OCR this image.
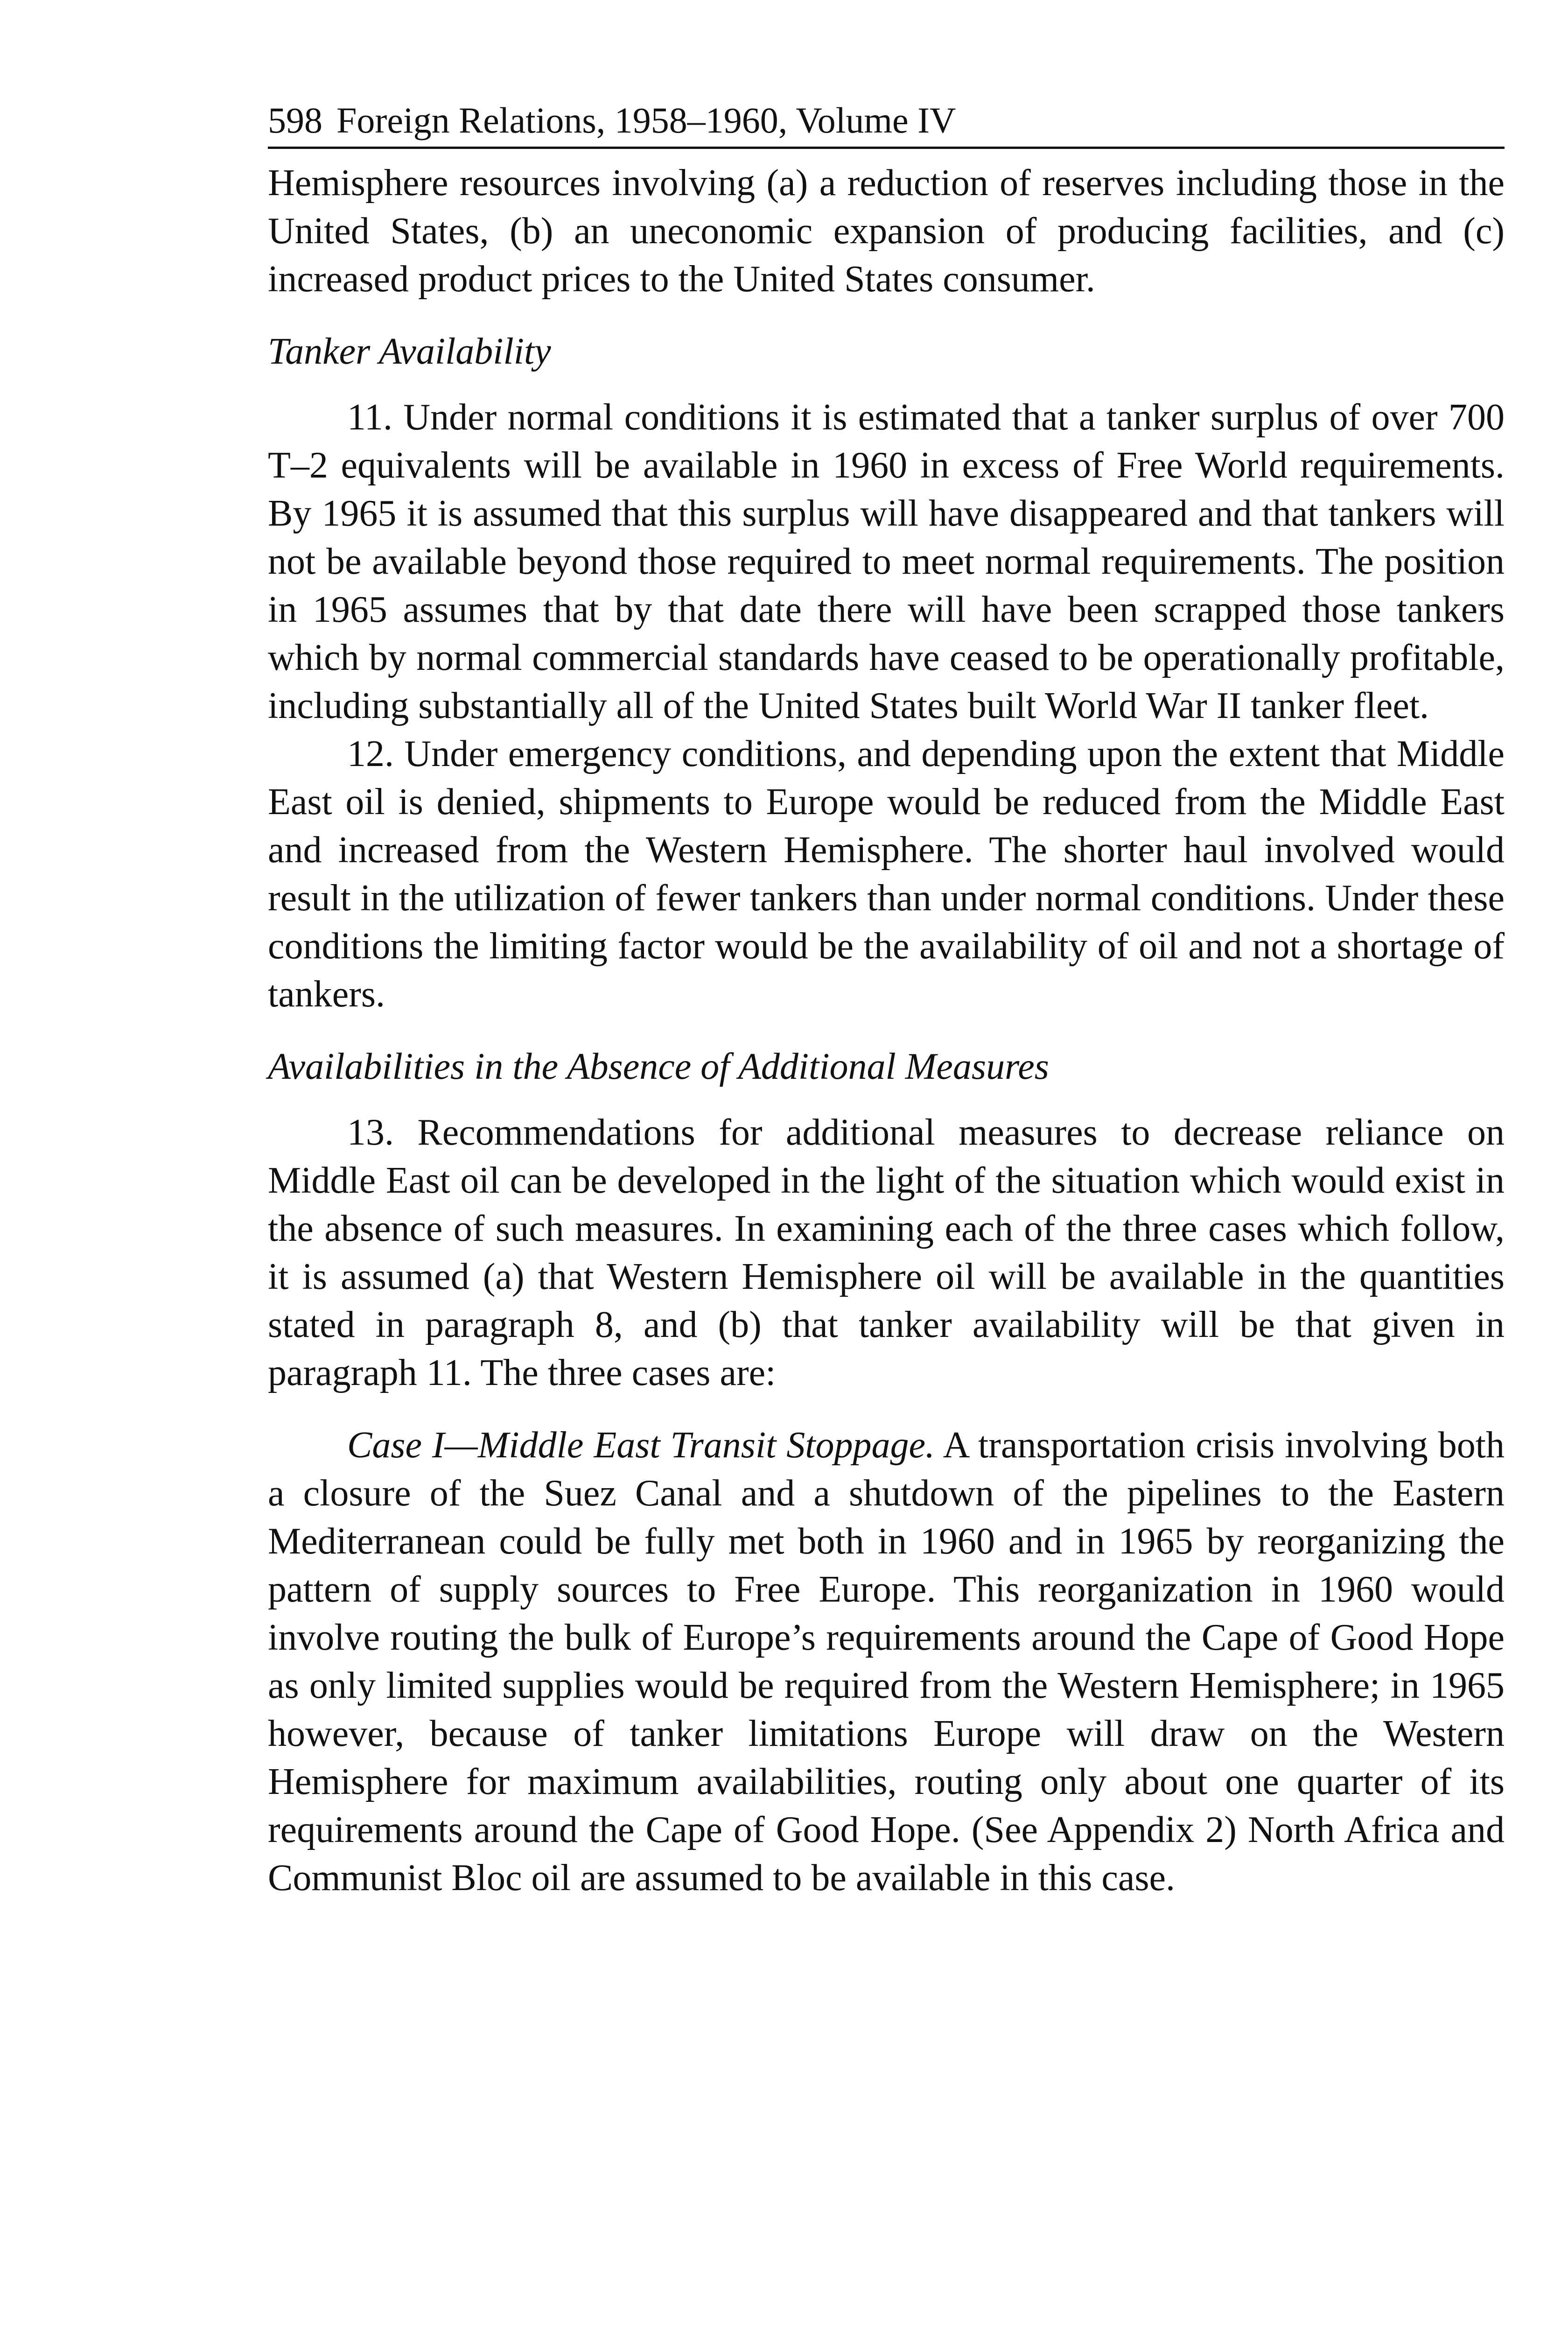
598 Foreign Relations, 1958–1960, Volume IV

Hemisphere resources involving (a) a reduction of reserves including those in the United States, (b) an uneconomic expansion of producing facilities, and (c) increased product prices to the United States consumer.

Tanker Availability

11. Under normal conditions it is estimated that a tanker surplus of over 700 T–2 equivalents will be available in 1960 in excess of Free World requirements. By 1965 it is assumed that this surplus will have disappeared and that tankers will not be available beyond those required to meet normal requirements. The position in 1965 assumes that by that date there will have been scrapped those tankers which by normal commercial standards have ceased to be operationally profitable, including substantially all of the United States built World War II tanker fleet.

12. Under emergency conditions, and depending upon the extent that Middle East oil is denied, shipments to Europe would be reduced from the Middle East and increased from the Western Hemisphere. The shorter haul involved would result in the utilization of fewer tankers than under normal conditions. Under these conditions the limiting factor would be the availability of oil and not a shortage of tankers.

Availabilities in the Absence of Additional Measures

13. Recommendations for additional measures to decrease reliance on Middle East oil can be developed in the light of the situation which would exist in the absence of such measures. In examining each of the three cases which follow, it is assumed (a) that Western Hemisphere oil will be available in the quantities stated in paragraph 8, and (b) that tanker availability will be that given in paragraph 11. The three cases are:

Case I—Middle East Transit Stoppage. A transportation crisis involving both a closure of the Suez Canal and a shutdown of the pipelines to the Eastern Mediterranean could be fully met both in 1960 and in 1965 by reorganizing the pattern of supply sources to Free Europe. This reorganization in 1960 would involve routing the bulk of Europe’s requirements around the Cape of Good Hope as only limited supplies would be required from the Western Hemisphere; in 1965 however, because of tanker limitations Europe will draw on the Western Hemisphere for maximum availabilities, routing only about one quarter of its requirements around the Cape of Good Hope. (See Appendix 2) North Africa and Communist Bloc oil are assumed to be available in this case.
